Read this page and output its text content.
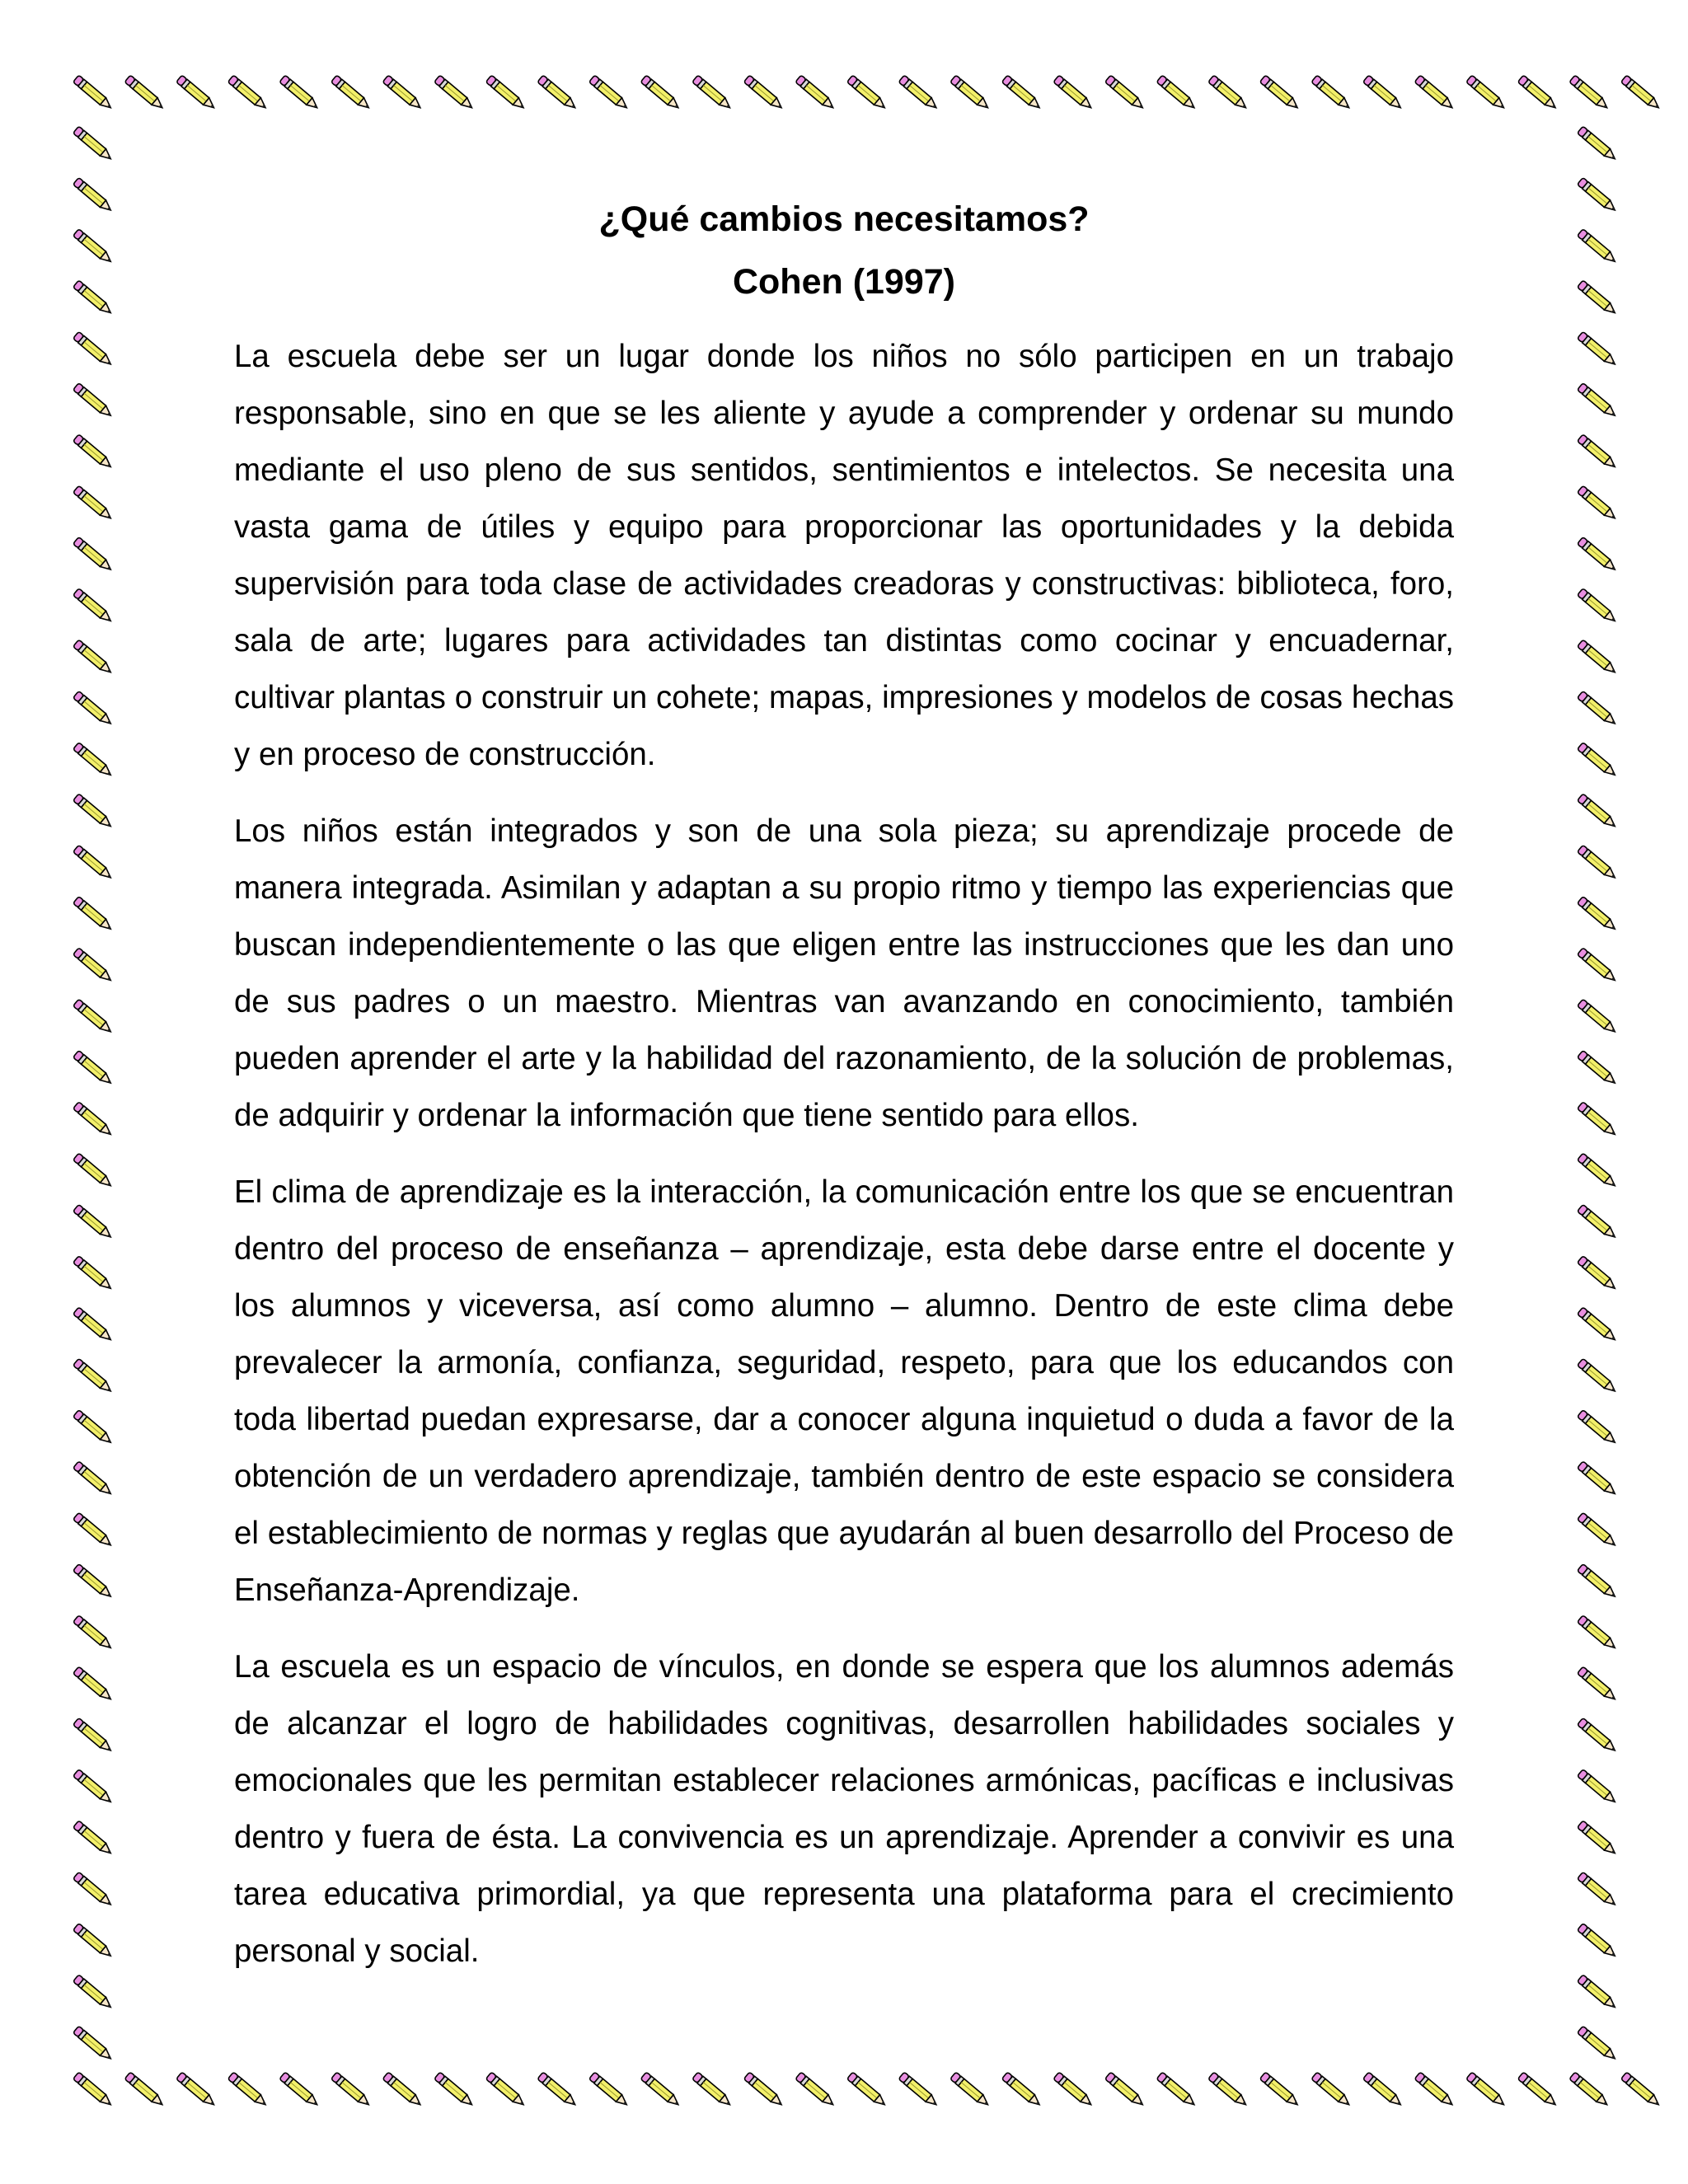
¿Qué cambios necesitamos?
Cohen (1997)

La escuela debe ser un lugar donde los niños no sólo participen en un trabajo responsable, sino en que se les aliente y ayude a comprender y ordenar su mundo mediante el uso pleno de sus sentidos, sentimientos e intelectos. Se necesita una vasta gama de útiles y equipo para proporcionar las oportunidades y la debida supervisión para toda clase de actividades creadoras y constructivas: biblioteca, foro, sala de arte; lugares para actividades tan distintas como cocinar y encuadernar, cultivar plantas o construir un cohete; mapas, impresiones y modelos de cosas hechas y en proceso de construcción.

Los niños están integrados y son de una sola pieza; su aprendizaje procede de manera integrada. Asimilan y adaptan a su propio ritmo y tiempo las experiencias que buscan independientemente o las que eligen entre las instrucciones que les dan uno de sus padres o un maestro. Mientras van avanzando en conocimiento, también pueden aprender el arte y la habilidad del razonamiento, de la solución de problemas, de adquirir y ordenar la información que tiene sentido para ellos.

El clima de aprendizaje es la interacción, la comunicación entre los que se encuentran dentro del proceso de enseñanza – aprendizaje, esta debe darse entre el docente y los alumnos y viceversa, así como alumno – alumno. Dentro de este clima debe prevalecer la armonía, confianza, seguridad, respeto, para que los educandos con toda libertad puedan expresarse, dar a conocer alguna inquietud o duda a favor de la obtención de un verdadero aprendizaje, también dentro de este espacio se considera el establecimiento de normas y reglas que ayudarán al buen desarrollo del Proceso de Enseñanza-Aprendizaje.

La escuela es un espacio de vínculos, en donde se espera que los alumnos además de alcanzar el logro de habilidades cognitivas, desarrollen habilidades sociales y emocionales que les permitan establecer relaciones armónicas, pacíficas e inclusivas dentro y fuera de ésta. La convivencia es un aprendizaje. Aprender a convivir es una tarea educativa primordial, ya que representa una plataforma para el crecimiento personal y social.
